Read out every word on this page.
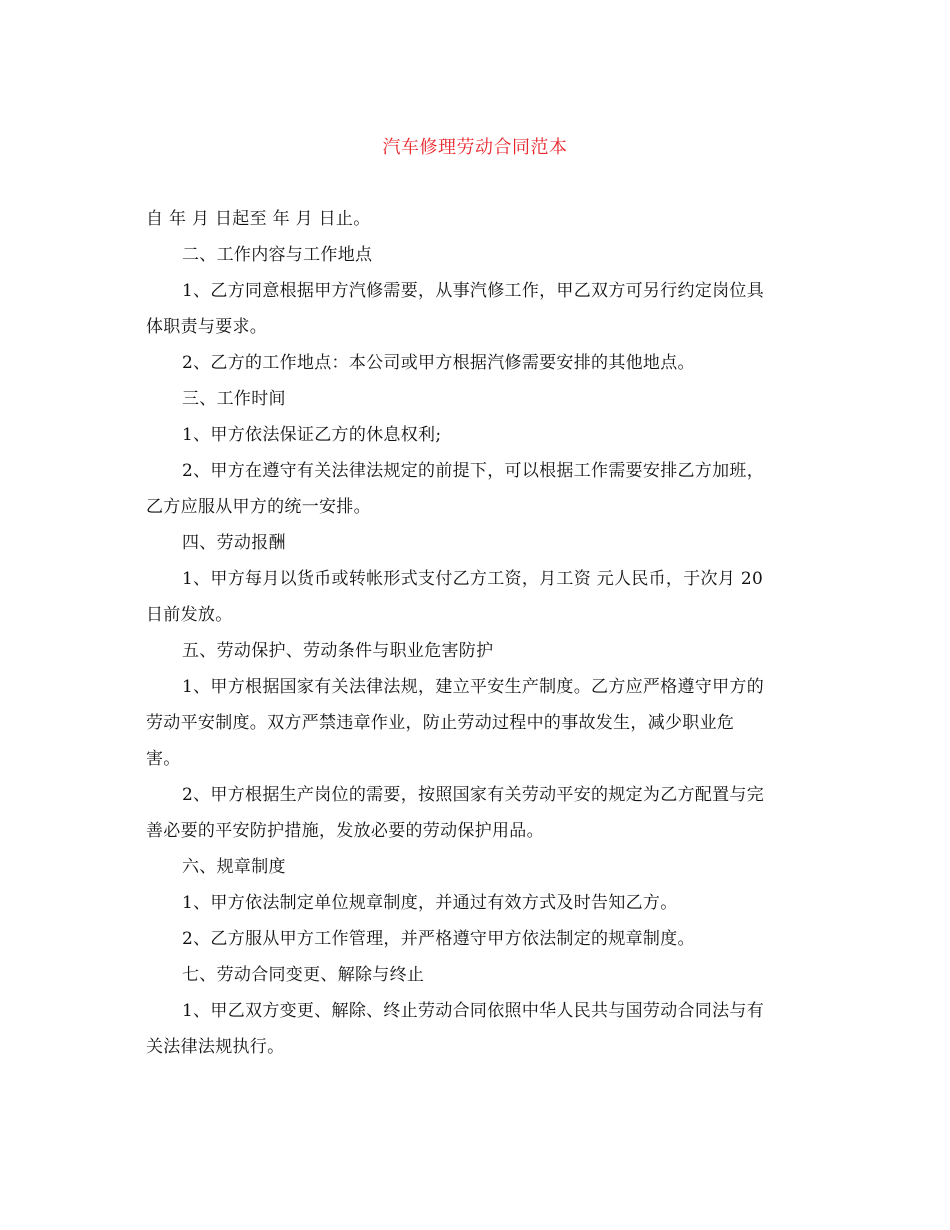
汽车修理劳动合同范本
自 年 月 日起至 年 月 日止。
二、工作内容与工作地点
1、乙方同意根据甲方汽修需要，从事汽修工作，甲乙双方可另行约定岗位具
体职责与要求。
2、乙方的工作地点：本公司或甲方根据汽修需要安排的其他地点。
三、工作时间
1、甲方依法保证乙方的休息权利;
2、甲方在遵守有关法律法规定的前提下，可以根据工作需要安排乙方加班，
乙方应服从甲方的统一安排。
四、劳动报酬
1、甲方每月以货币或转帐形式支付乙方工资，月工资 元人民币，于次月 20
日前发放。
五、劳动保护、劳动条件与职业危害防护
1、甲方根据国家有关法律法规，建立平安生产制度。乙方应严格遵守甲方的
劳动平安制度。双方严禁违章作业，防止劳动过程中的事故发生，减少职业危
害。
2、甲方根据生产岗位的需要，按照国家有关劳动平安的规定为乙方配置与完
善必要的平安防护措施，发放必要的劳动保护用品。
六、规章制度
1、甲方依法制定单位规章制度，并通过有效方式及时告知乙方。
2、乙方服从甲方工作管理，并严格遵守甲方依法制定的规章制度。
七、劳动合同变更、解除与终止
1、甲乙双方变更、解除、终止劳动合同依照中华人民共与国劳动合同法与有
关法律法规执行。
